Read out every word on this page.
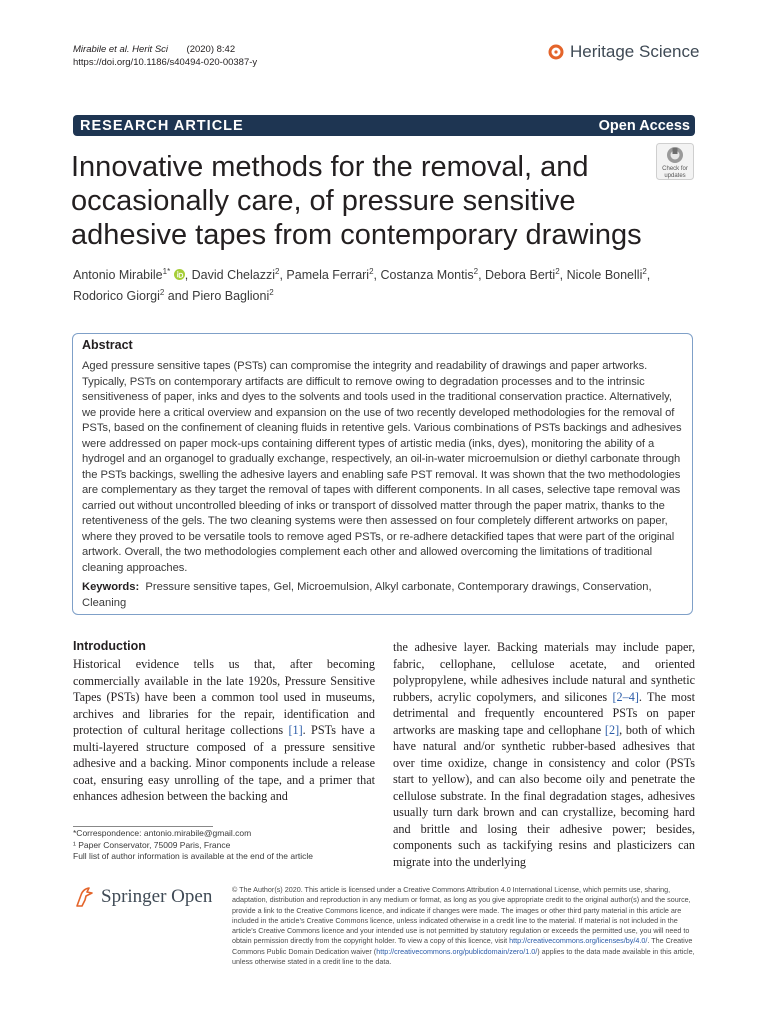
Mirabile et al. Herit Sci (2020) 8:42
https://doi.org/10.1186/s40494-020-00387-y
Heritage Science
RESEARCH ARTICLE	Open Access
Innovative methods for the removal, and occasionally care, of pressure sensitive adhesive tapes from contemporary drawings
Check for
updates
Antonio Mirabile$^{1*}$ , David Chelazzi$^2$, Pamela Ferrari$^2$, Costanza Montis$^2$, Debora Berti$^2$, Nicole Bonelli$^2$,
Rodorico Giorgi$^2$ and Piero Baglioni$^2$
Abstract
Aged pressure sensitive tapes (PSTs) can compromise the integrity and readability of drawings and paper artworks. Typically, PSTs on contemporary artifacts are difficult to remove owing to degradation processes and to the intrinsic sensitiveness of paper, inks and dyes to the solvents and tools used in the traditional conservation practice. Alternatively, we provide here a critical overview and expansion on the use of two recently developed methodologies for the removal of PSTs, based on the confinement of cleaning fluids in retentive gels. Various combinations of PSTs backings and adhesives were addressed on paper mock-ups containing different types of artistic media (inks, dyes), monitoring the ability of a hydrogel and an organogel to gradually exchange, respectively, an oil-in-water microemulsion or diethyl carbonate through the PSTs backings, swelling the adhesive layers and enabling safe PST removal. It was shown that the two methodologies are complementary as they target the removal of tapes with different components. In all cases, selective tape removal was carried out without uncontrolled bleeding of inks or transport of dissolved matter through the paper matrix, thanks to the retentiveness of the gels. The two cleaning systems were then assessed on four completely different artworks on paper, where they proved to be versatile tools to remove aged PSTs, or re-adhere detackified tapes that were part of the original artwork. Overall, the two methodologies complement each other and allowed overcoming the limitations of traditional cleaning approaches.
Keywords: Pressure sensitive tapes, Gel, Microemulsion, Alkyl carbonate, Contemporary drawings, Conservation, Cleaning
Introduction
Historical evidence tells us that, after becoming commercially available in the late 1920s, Pressure Sensitive Tapes (PSTs) have been a common tool used in museums, archives and libraries for the repair, identification and protection of cultural heritage collections [1]. PSTs have a multi-layered structure composed of a pressure sensitive adhesive and a backing. Minor components include a release coat, ensuring easy unrolling of the tape, and a primer that enhances adhesion between the backing and
the adhesive layer. Backing materials may include paper, fabric, cellophane, cellulose acetate, and oriented polypropylene, while adhesives include natural and synthetic rubbers, acrylic copolymers, and silicones [2–4]. The most detrimental and frequently encountered PSTs on paper artworks are masking tape and cellophane [2], both of which have natural and/or synthetic rubber-based adhesives that over time oxidize, change in consistency and color (PSTs start to yellow), and can also become oily and penetrate the cellulose substrate. In the final degradation stages, adhesives usually turn dark brown and can crystallize, becoming hard and brittle and losing their adhesive power; besides, components such as tackifying resins and plasticizers can migrate into the underlying
*Correspondence: antonio.mirabile@gmail.com
¹ Paper Conservator, 75009 Paris, France
Full list of author information is available at the end of the article
Springer Open	© The Author(s) 2020. This article is licensed under a Creative Commons Attribution 4.0 International License, which permits use, sharing, adaptation, distribution and reproduction in any medium or format, as long as you give appropriate credit to the original author(s) and the source, provide a link to the Creative Commons licence, and indicate if changes were made. The images or other third party material in this article are included in the article’s Creative Commons licence, unless indicated otherwise in a credit line to the material. If material is not included in the article’s Creative Commons licence and your intended use is not permitted by statutory regulation or exceeds the permitted use, you will need to obtain permission directly from the copyright holder. To view a copy of this licence, visit http://creativecommons.org/licenses/by/4.0/. The Creative Commons Public Domain Dedication waiver (http://creativecommons.org/publicdomain/zero/1.0/) applies to the data made available in this article, unless otherwise stated in a credit line to the data.
